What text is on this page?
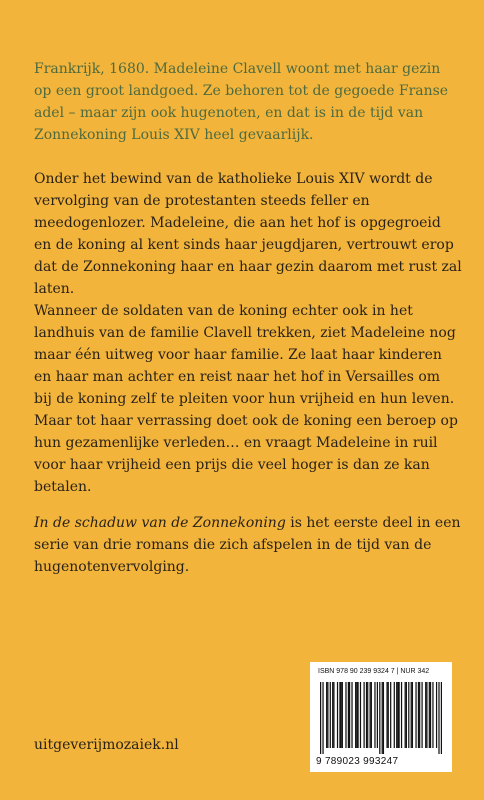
Frankrijk, 1680. Madeleine Clavell woont met haar gezin op een groot landgoed. Ze behoren tot de gegoede Franse adel – maar zijn ook hugenoten, en dat is in de tijd van Zonnekoning Louis XIV heel gevaarlijk.

Onder het bewind van de katholieke Louis XIV wordt de vervolging van de protestanten steeds feller en meedogenlozer. Madeleine, die aan het hof is opgegroeid en de koning al kent sinds haar jeugdjaren, vertrouwt erop dat de Zonnekoning haar en haar gezin daarom met rust zal laten.

Wanneer de soldaten van de koning echter ook in het landhuis van de familie Clavell trekken, ziet Madeleine nog maar één uitweg voor haar familie. Ze laat haar kinderen en haar man achter en reist naar het hof in Versailles om bij de koning zelf te pleiten voor hun vrijheid en hun leven.

Maar tot haar verrassing doet ook de koning een beroep op hun gezamenlijke verleden… en vraagt Madeleine in ruil voor haar vrijheid een prijs die veel hoger is dan ze kan betalen.

In de schaduw van de Zonnekoning is het eerste deel in een serie van drie romans die zich afspelen in de tijd van de hugenotenvervolging.

uitgeverijmozaiek.nl
ISBN 978 90 239 9324 7 | NUR 342
9 789023 993247
